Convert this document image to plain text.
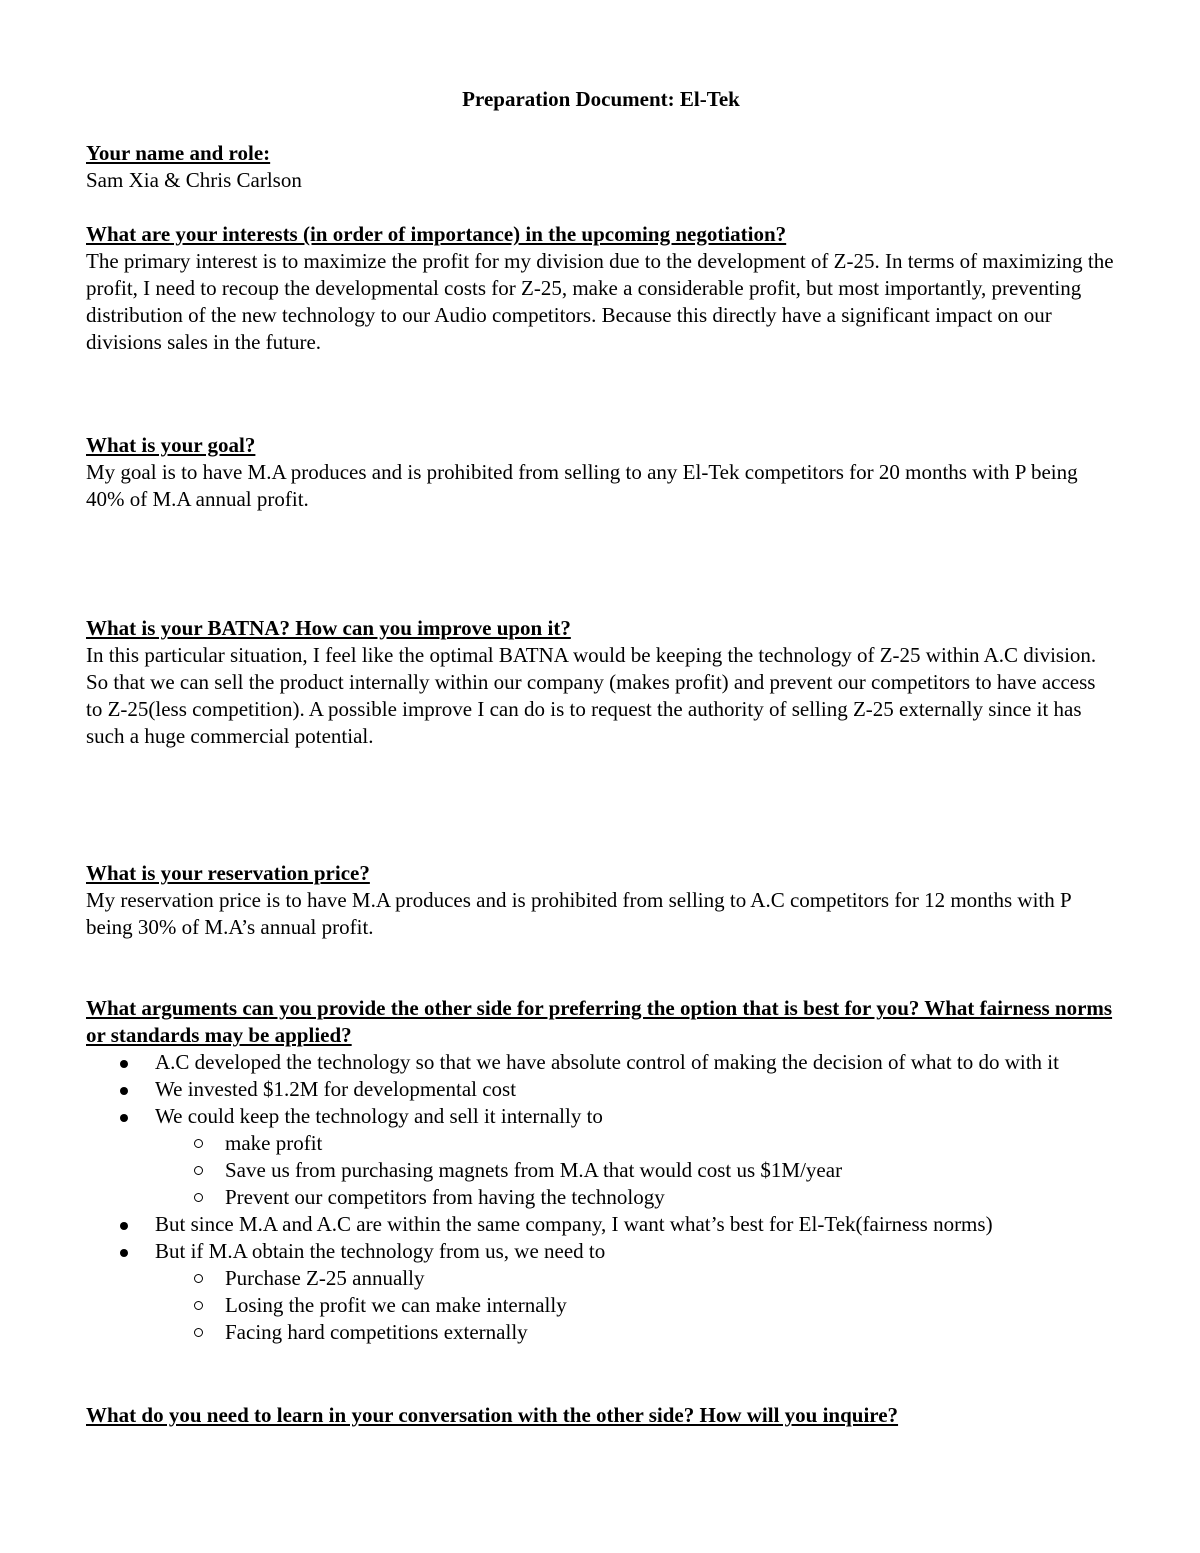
Preparation Document: El-Tek
Your name and role:
Sam Xia & Chris Carlson
What are your interests (in order of importance) in the upcoming negotiation?
The primary interest is to maximize the profit for my division due to the development of Z-25. In terms of maximizing the profit, I need to recoup the developmental costs for Z-25, make a considerable profit, but most importantly, preventing distribution of the new technology to our Audio competitors. Because this directly have a significant impact on our divisions sales in the future.
What is your goal?
My goal is to have M.A produces and is prohibited from selling to any El-Tek competitors for 20 months with P being 40% of M.A annual profit.
What is your BATNA? How can you improve upon it?
In this particular situation, I feel like the optimal BATNA would be keeping the technology of Z-25 within A.C division. So that we can sell the product internally within our company (makes profit) and prevent our competitors to have access to Z-25(less competition). A possible improve I can do is to request the authority of selling Z-25 externally since it has such a huge commercial potential.
What is your reservation price?
My reservation price is to have M.A produces and is prohibited from selling to A.C competitors for 12 months with P being 30% of M.A’s annual profit.
What arguments can you provide the other side for preferring the option that is best for you? What fairness norms or standards may be applied?
A.C developed the technology so that we have absolute control of making the decision of what to do with it
We invested $1.2M for developmental cost
We could keep the technology and sell it internally to
make profit
Save us from purchasing magnets from M.A that would cost us $1M/year
Prevent our competitors from having the technology
But since M.A and A.C are within the same company, I want what’s best for El-Tek(fairness norms)
But if M.A obtain the technology from us, we need to
Purchase Z-25 annually
Losing the profit we can make internally
Facing hard competitions externally
What do you need to learn in your conversation with the other side? How will you inquire?
